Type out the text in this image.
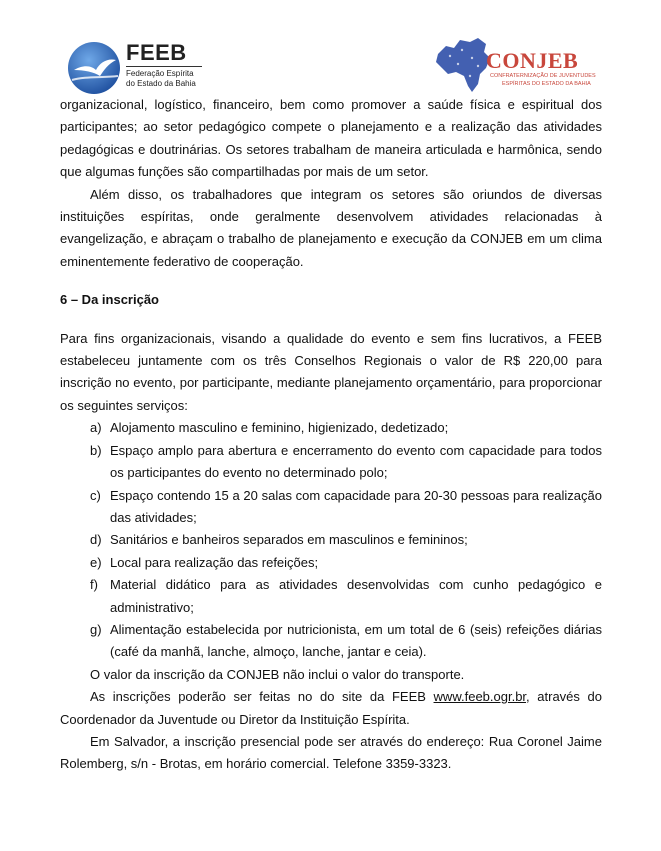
FEEB
Federação Espírita
do Estado da Bahia
CONJEB
CONFRATERNIZAÇÃO DE JUVENTUDES
ESPÍRITAS DO ESTADO DA BAHIA

organizacional, logístico, financeiro, bem como promover a saúde física e espiritual dos participantes; ao setor pedagógico compete o planejamento e a realização das atividades pedagógicas e doutrinárias. Os setores trabalham de maneira articulada e harmônica, sendo que algumas funções são compartilhadas por mais de um setor.

Além disso, os trabalhadores que integram os setores são oriundos de diversas instituições espíritas, onde geralmente desenvolvem atividades relacionadas à evangelização, e abraçam o trabalho de planejamento e execução da CONJEB em um clima eminentemente federativo de cooperação.

6 – Da inscrição

Para fins organizacionais, visando a qualidade do evento e sem fins lucrativos, a FEEB estabeleceu juntamente com os três Conselhos Regionais o valor de R$ 220,00 para inscrição no evento, por participante, mediante planejamento orçamentário, para proporcionar os seguintes serviços:

a) Alojamento masculino e feminino, higienizado, dedetizado;
b) Espaço amplo para abertura e encerramento do evento com capacidade para todos os participantes do evento no determinado polo;
c) Espaço contendo 15 a 20 salas com capacidade para 20-30 pessoas para realização das atividades;
d) Sanitários e banheiros separados em masculinos e femininos;
e) Local para realização das refeições;
f) Material didático para as atividades desenvolvidas com cunho pedagógico e administrativo;
g) Alimentação estabelecida por nutricionista, em um total de 6 (seis) refeições diárias (café da manhã, lanche, almoço, lanche, jantar e ceia).

O valor da inscrição da CONJEB não inclui o valor do transporte.

As inscrições poderão ser feitas no do site da FEEB www.feeb.ogr.br, através do Coordenador da Juventude ou Diretor da Instituição Espírita.

Em Salvador, a inscrição presencial pode ser através do endereço: Rua Coronel Jaime Rolemberg, s/n - Brotas, em horário comercial. Telefone 3359-3323.
